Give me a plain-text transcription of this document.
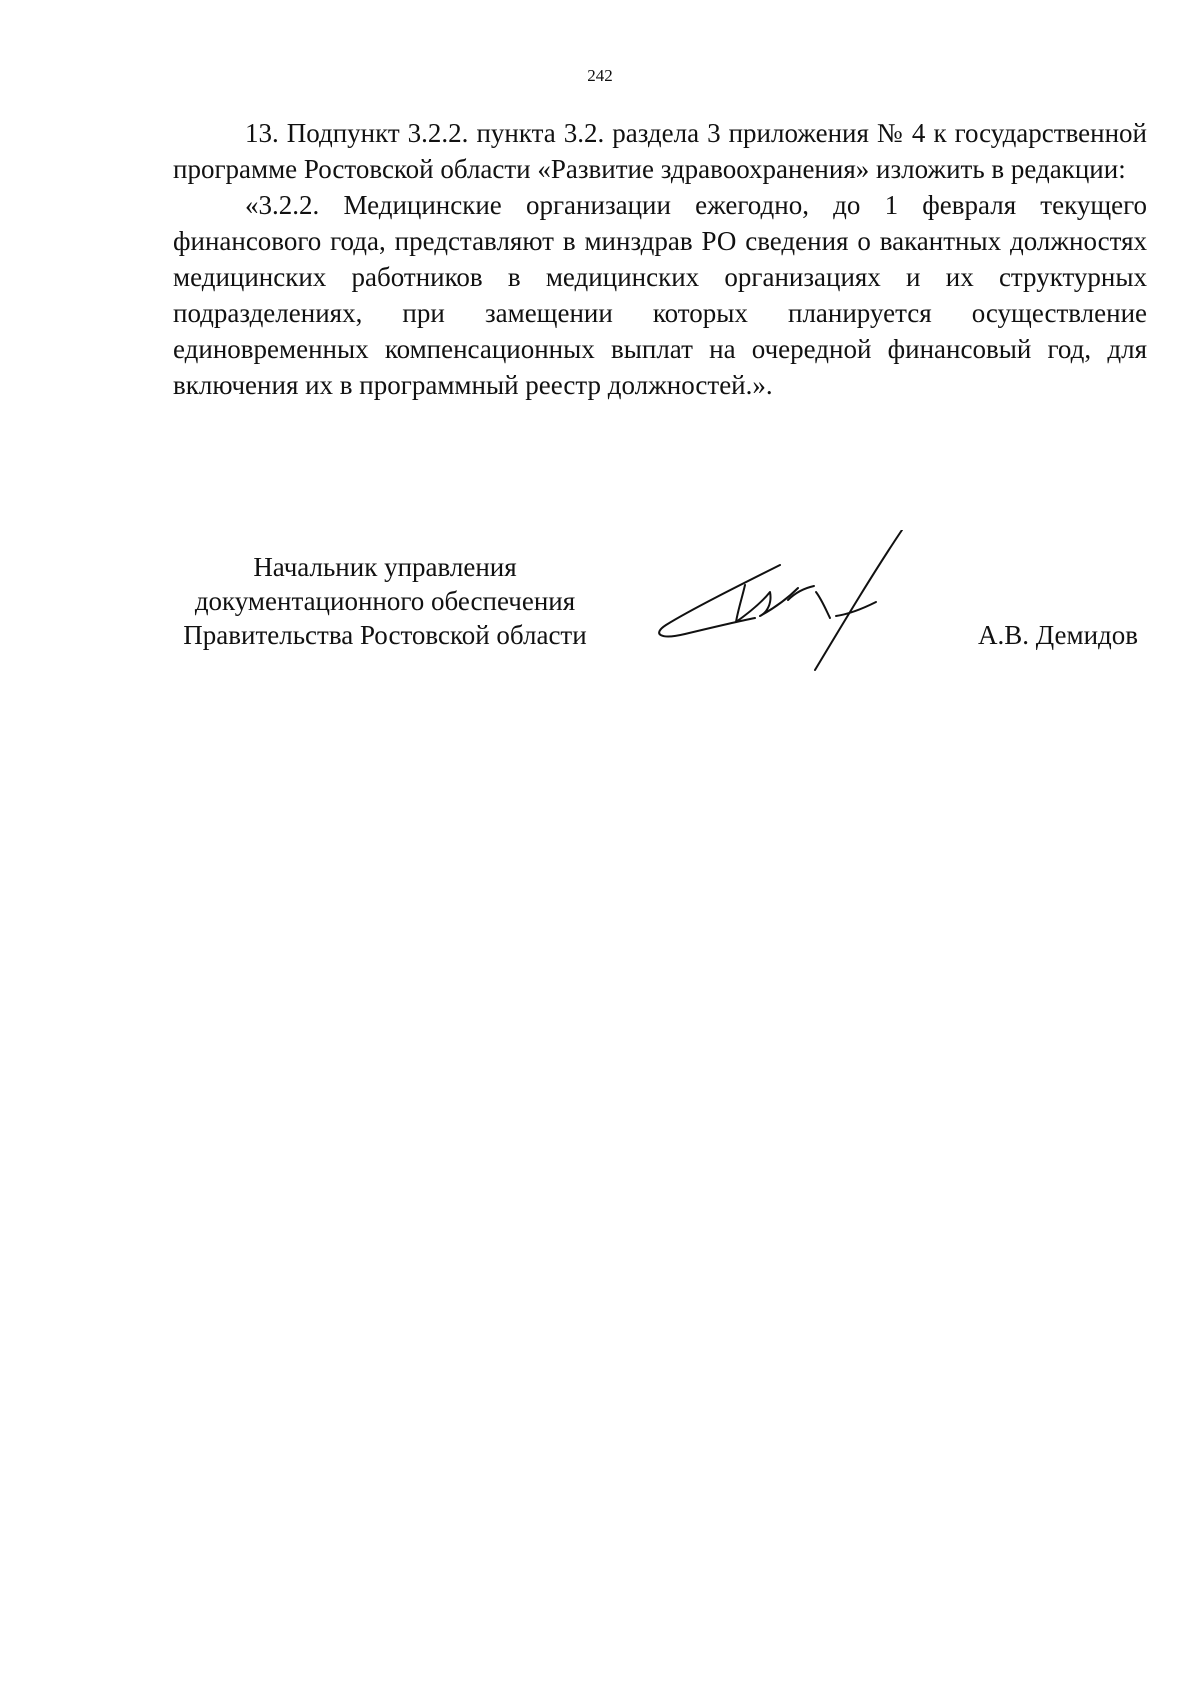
242

13. Подпункт 3.2.2. пункта 3.2. раздела 3 приложения № 4 к государственной программе Ростовской области «Развитие здравоохранения» изложить в редакции:

«3.2.2. Медицинские организации ежегодно, до 1 февраля текущего финансового года, представляют в минздрав РО сведения о вакантных должностях медицинских работников в медицинских организациях и их структурных подразделениях, при замещении которых планируется осуществление единовременных компенсационных выплат на очередной финансовый год, для включения их в программный реестр должностей.».

Начальник управления
документационного обеспечения
Правительства Ростовской области	А.В. Демидов
